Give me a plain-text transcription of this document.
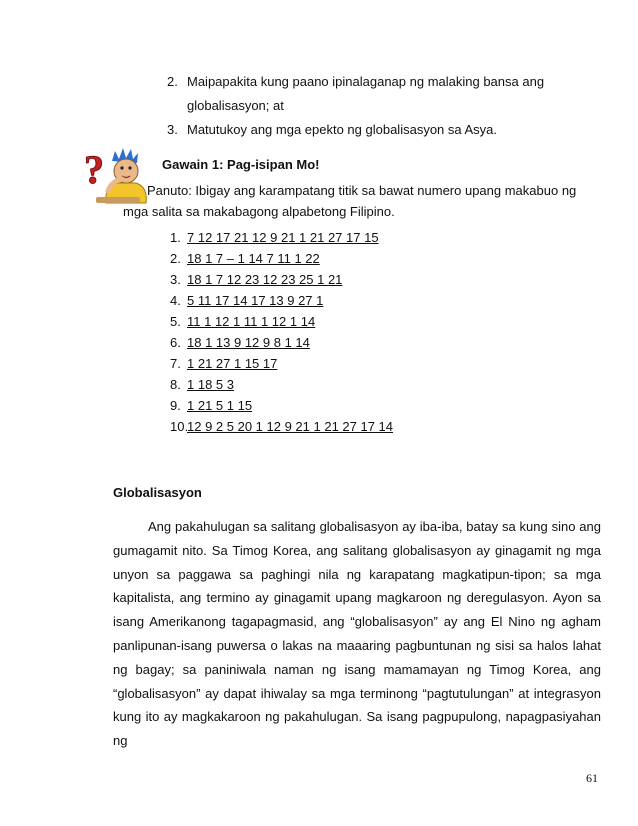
2. Maipapakita kung paano ipinalaganap ng malaking bansa ang
globalisasyon; at
3. Matutukoy ang mga epekto ng globalisasyon sa Asya.
?	Gawain 1: Pag-isipan Mo!
Panuto: Ibigay ang karampatang titik sa bawat numero upang makabuo ng
mga salita sa makabagong alpabetong Filipino.
1. 7 12 17 21 12 9 21 1 21 27 17 15
2. 18 1 7 – 1 14 7 11 1 22
3. 18 1 7 12 23 12 23 25 1 21
4. 5 11 17 14 17 13 9 27 1
5. 11 1 12 1 11 1 12 1 14
6. 18 1 13 9 12 9 8 1 14
7. 1 21 27 1 15 17
8. 1 18 5 3
9. 1 21 5 1 15
10.12 9 2 5 20 1 12 9 21 1 21 27 17 14
Globalisasyon
Ang pakahulugan sa salitang globalisasyon ay iba-iba, batay sa kung sino ang gumagamit nito. Sa Timog Korea, ang salitang globalisasyon ay ginagamit ng mga unyon sa paggawa sa paghingi nila ng karapatang magkatipun-tipon; sa mga kapitalista, ang termino ay ginagamit upang magkaroon ng deregulasyon. Ayon sa isang Amerikanong tagapagmasid, ang “globalisasyon” ay ang El Nino ng agham panlipunan-isang puwersa o lakas na maaaring pagbuntunan ng sisi sa halos lahat ng bagay; sa paniniwala naman ng isang mamamayan ng Timog Korea, ang “globalisasyon” ay dapat ihiwalay sa mga terminong “pagtutulungan” at integrasyon kung ito ay magkakaroon ng pakahulugan. Sa isang pagpupulong, napagpasiyahan ng
61
